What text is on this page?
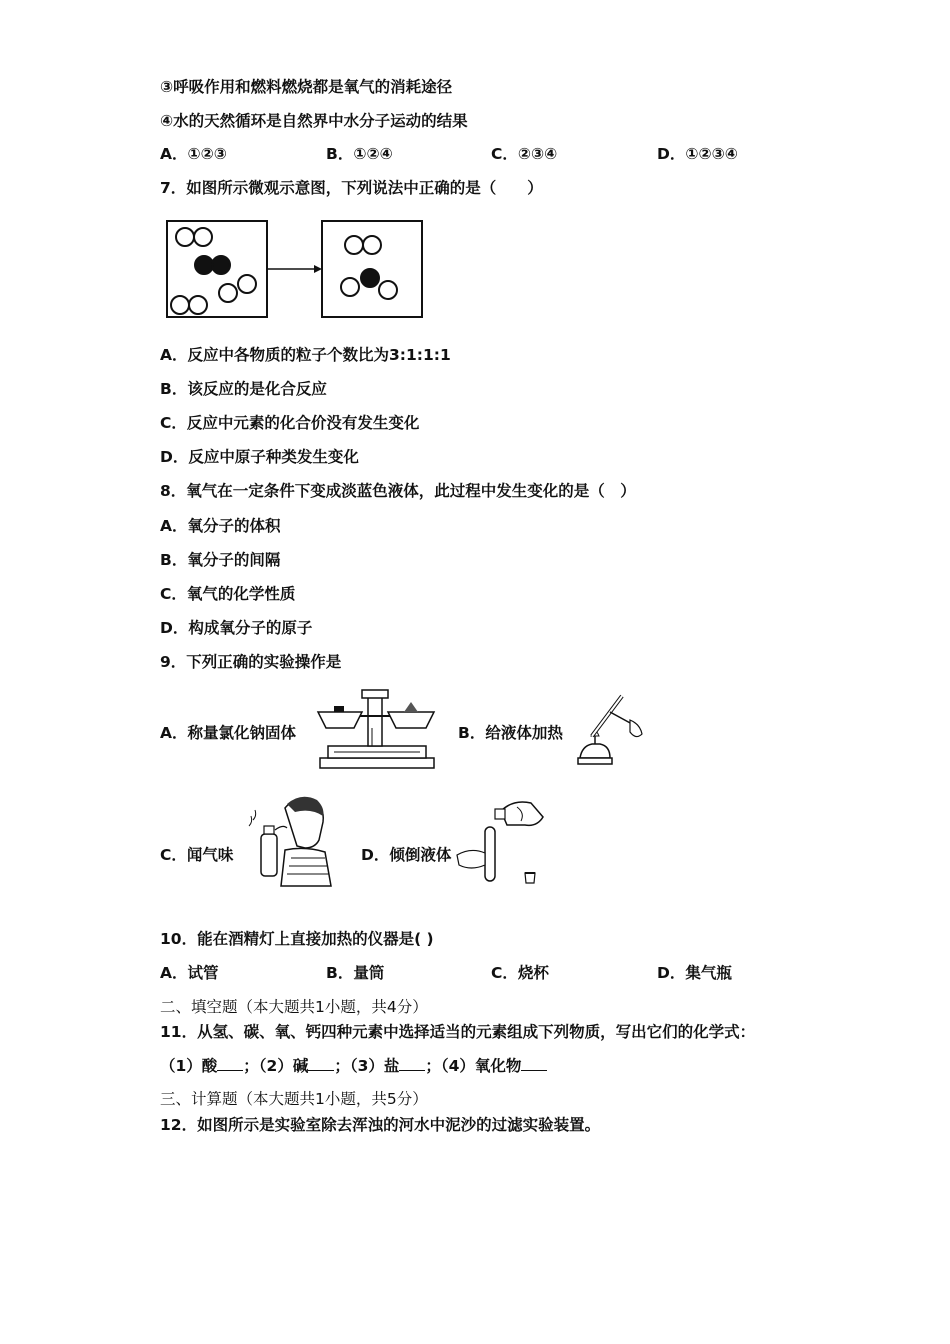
③呼吸作用和燃料燃烧都是氧气的消耗途径
④水的天然循环是自然界中水分子运动的结果
A．①②③	B．①②④	C．②③④	D．①②③④
7．如图所示微观示意图，下列说法中正确的是（　　）
A．反应中各物质的粒子个数比为3:1:1:1
B．该反应的是化合反应
C．反应中元素的化合价没有发生变化
D．反应中原子种类发生变化
8．氧气在一定条件下变成淡蓝色液体，此过程中发生变化的是（　）
A．氧分子的体积
B．氧分子的间隔
C．氧气的化学性质
D．构成氧分子的原子
9．下列正确的实验操作是
A．称量氯化钠固体	B．给液体加热
C．闻气味	D．倾倒液体
10．能在酒精灯上直接加热的仪器是( )
A．试管	B．量筒	C．烧杯	D．集气瓶
二、填空题（本大题共1小题，共4分）
11．从氢、碳、氧、钙四种元素中选择适当的元素组成下列物质，写出它们的化学式：
（1）酸 ；（2）碱 ；（3）盐 ；（4）氧化物
三、计算题（本大题共1小题，共5分）
12．如图所示是实验室除去浑浊的河水中泥沙的过滤实验装置。
